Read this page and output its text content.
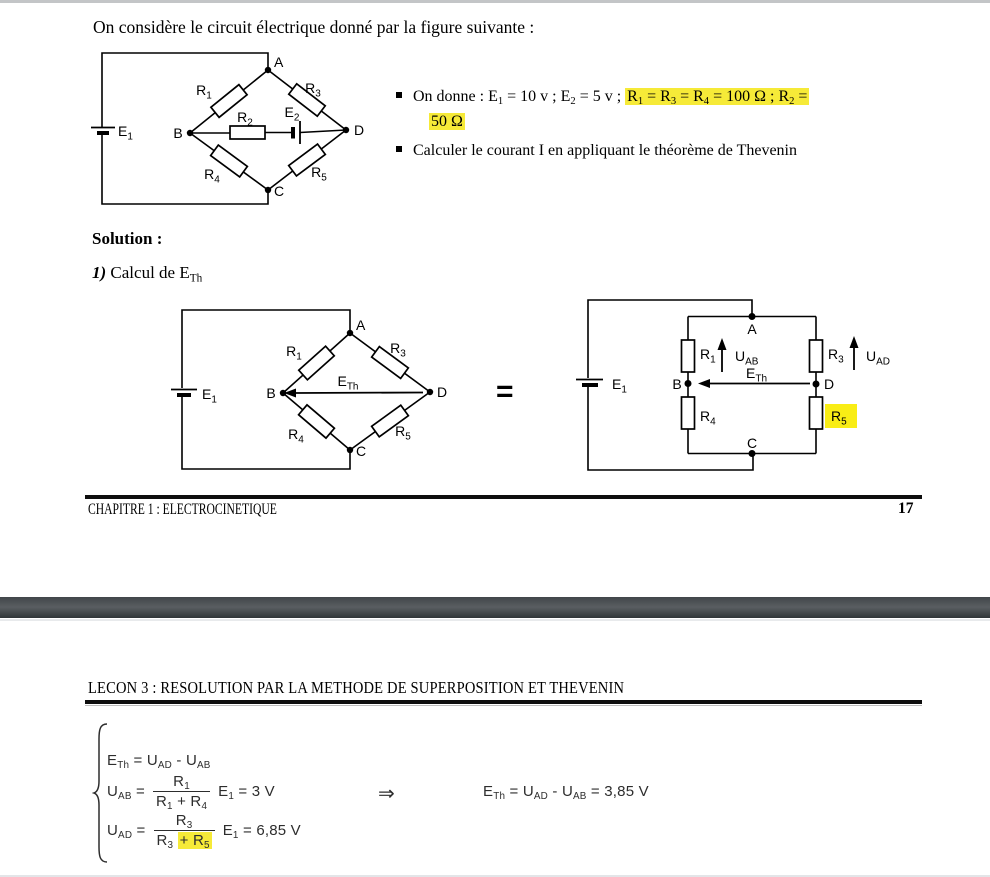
On considère le circuit électrique donné par la figure suivante :
$E_1$
A
$R_1$	$R_3$
B
$R_2$
$E_2$
D
$R_4$	$R_5$
C
On donne : $E_1 = 10$ v ; $E_2 = 5$ v ; $R_1 = R_3 = R_4 = 100$ Ω ; $R_2$ =
50 Ω
Calculer le courant I en appliquant le théorème de Thevenin
Solution :
1) Calcul de $E_{Th}$
$E_1$
A
$R_1$
$R_3$
$E_{Th}$
B	D
$R_4$
$R_5$
C
=	$E_1$
A
$R_1$ $U_{AB}$	$R_3$ $U_{AD}$
$E_{Th}$
B	D
$R_4$	$R_5$
C
CHAPITRE 1 : ELECTROCINETIQUE	17
LECON 3 : RESOLUTION PAR LA METHODE DE SUPERPOSITION ET THEVENIN
$E_{Th} = U_{AD} - U_{AB}$
$U_{AB} = \frac{R_1}{R_1 + R_4} E_1 = 3$ V
$U_{AD} = \frac{R_3}{R_3 + R_5} E_1 = 6,85$ V
⇒	$E_{Th} = U_{AD} - U_{AB} = 3,85$ V
